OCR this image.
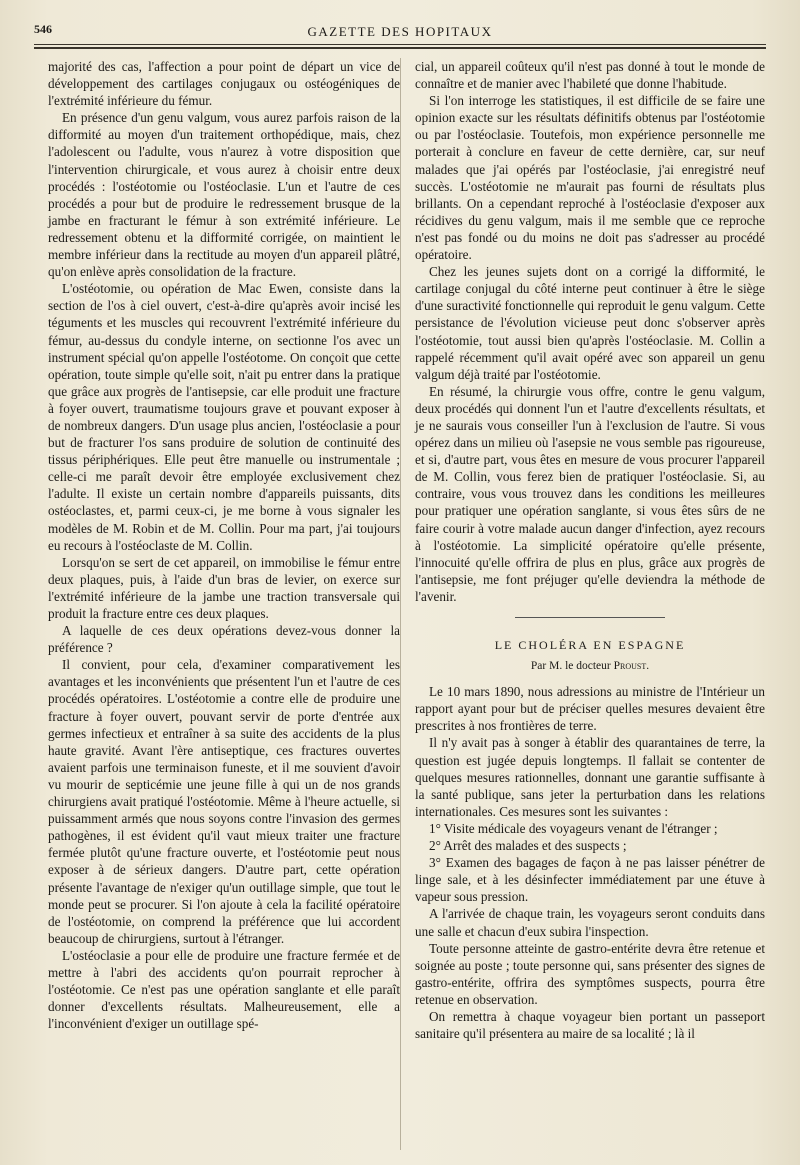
546	GAZETTE DES HOPITAUX

majorité des cas, l'affection a pour point de départ un vice de développement des cartilages conjugaux ou ostéogéniques de l'extrémité inférieure du fémur.

En présence d'un genu valgum, vous aurez parfois raison de la difformité au moyen d'un traitement orthopédique, mais, chez l'adolescent ou l'adulte, vous n'aurez à votre disposition que l'intervention chirurgicale, et vous aurez à choisir entre deux procédés : l'ostéotomie ou l'ostéoclasie. L'un et l'autre de ces procédés a pour but de produire le redressement brusque de la jambe en fracturant le fémur à son extrémité inférieure. Le redressement obtenu et la difformité corrigée, on maintient le membre inférieur dans la rectitude au moyen d'un appareil plâtré, qu'on enlève après consolidation de la fracture.

L'ostéotomie, ou opération de Mac Ewen, consiste dans la section de l'os à ciel ouvert, c'est-à-dire qu'après avoir incisé les téguments et les muscles qui recouvrent l'extrémité inférieure du fémur, au-dessus du condyle interne, on sectionne l'os avec un instrument spécial qu'on appelle l'ostéotome. On conçoit que cette opération, toute simple qu'elle soit, n'ait pu entrer dans la pratique que grâce aux progrès de l'antisepsie, car elle produit une fracture à foyer ouvert, traumatisme toujours grave et pouvant exposer à de nombreux dangers. D'un usage plus ancien, l'ostéoclasie a pour but de fracturer l'os sans produire de solution de continuité des tissus périphériques. Elle peut être manuelle ou instrumentale ; celle-ci me paraît devoir être employée exclusivement chez l'adulte. Il existe un certain nombre d'appareils puissants, dits ostéoclastes, et, parmi ceux-ci, je me borne à vous signaler les modèles de M. Robin et de M. Collin. Pour ma part, j'ai toujours eu recours à l'ostéoclaste de M. Collin.

Lorsqu'on se sert de cet appareil, on immobilise le fémur entre deux plaques, puis, à l'aide d'un bras de levier, on exerce sur l'extrémité inférieure de la jambe une traction transversale qui produit la fracture entre ces deux plaques.

A laquelle de ces deux opérations devez-vous donner la préférence ?

Il convient, pour cela, d'examiner comparativement les avantages et les inconvénients que présentent l'un et l'autre de ces procédés opératoires. L'ostéotomie a contre elle de produire une fracture à foyer ouvert, pouvant servir de porte d'entrée aux germes infectieux et entraîner à sa suite des accidents de la plus haute gravité. Avant l'ère antiseptique, ces fractures ouvertes avaient parfois une terminaison funeste, et il me souvient d'avoir vu mourir de septicémie une jeune fille à qui un de nos grands chirurgiens avait pratiqué l'ostéotomie. Même à l'heure actuelle, si puissamment armés que nous soyons contre l'invasion des germes pathogènes, il est évident qu'il vaut mieux traiter une fracture fermée plutôt qu'une fracture ouverte, et l'ostéotomie peut nous exposer à de sérieux dangers. D'autre part, cette opération présente l'avantage de n'exiger qu'un outillage simple, que tout le monde peut se procurer. Si l'on ajoute à cela la facilité opératoire de l'ostéotomie, on comprend la préférence que lui accordent beaucoup de chirurgiens, surtout à l'étranger.

L'ostéoclasie a pour elle de produire une fracture fermée et de mettre à l'abri des accidents qu'on pourrait reprocher à l'ostéotomie. Ce n'est pas une opération sanglante et elle paraît donner d'excellents résultats. Malheureusement, elle a l'inconvénient d'exiger un outillage spé-

cial, un appareil coûteux qu'il n'est pas donné à tout le monde de connaître et de manier avec l'habileté que donne l'habitude.

Si l'on interroge les statistiques, il est difficile de se faire une opinion exacte sur les résultats définitifs obtenus par l'ostéotomie ou par l'ostéoclasie. Toutefois, mon expérience personnelle me porterait à conclure en faveur de cette dernière, car, sur neuf malades que j'ai opérés par l'ostéoclasie, j'ai enregistré neuf succès. L'ostéotomie ne m'aurait pas fourni de résultats plus brillants. On a cependant reproché à l'ostéoclasie d'exposer aux récidives du genu valgum, mais il me semble que ce reproche n'est pas fondé ou du moins ne doit pas s'adresser au procédé opératoire.

Chez les jeunes sujets dont on a corrigé la difformité, le cartilage conjugal du côté interne peut continuer à être le siège d'une suractivité fonctionnelle qui reproduit le genu valgum. Cette persistance de l'évolution vicieuse peut donc s'observer après l'ostéotomie, tout aussi bien qu'après l'ostéoclasie. M. Collin a rappelé récemment qu'il avait opéré avec son appareil un genu valgum déjà traité par l'ostéotomie.

En résumé, la chirurgie vous offre, contre le genu valgum, deux procédés qui donnent l'un et l'autre d'excellents résultats, et je ne saurais vous conseiller l'un à l'exclusion de l'autre. Si vous opérez dans un milieu où l'asepsie ne vous semble pas rigoureuse, et si, d'autre part, vous êtes en mesure de vous procurer l'appareil de M. Collin, vous ferez bien de pratiquer l'ostéoclasie. Si, au contraire, vous vous trouvez dans les conditions les meilleures pour pratiquer une opération sanglante, si vous êtes sûrs de ne faire courir à votre malade aucun danger d'infection, ayez recours à l'ostéotomie. La simplicité opératoire qu'elle présente, l'innocuité qu'elle offrira de plus en plus, grâce aux progrès de l'antisepsie, me font préjuger qu'elle deviendra la méthode de l'avenir.

LE CHOLÉRA EN ESPAGNE
Par M. le docteur Proust.

Le 10 mars 1890, nous adressions au ministre de l'Intérieur un rapport ayant pour but de préciser quelles mesures devaient être prescrites à nos frontières de terre.

Il n'y avait pas à songer à établir des quarantaines de terre, la question est jugée depuis longtemps. Il fallait se contenter de quelques mesures rationnelles, donnant une garantie suffisante à la santé publique, sans jeter la perturbation dans les relations internationales. Ces mesures sont les suivantes :

1° Visite médicale des voyageurs venant de l'étranger ;

2° Arrêt des malades et des suspects ;

3° Examen des bagages de façon à ne pas laisser pénétrer de linge sale, et à les désinfecter immédiatement par une étuve à vapeur sous pression.

A l'arrivée de chaque train, les voyageurs seront conduits dans une salle et chacun d'eux subira l'inspection.

Toute personne atteinte de gastro-entérite devra être retenue et soignée au poste ; toute personne qui, sans présenter des signes de gastro-entérite, offrira des symptômes suspects, pourra être retenue en observation.

On remettra à chaque voyageur bien portant un passeport sanitaire qu'il présentera au maire de sa localité ; là il
